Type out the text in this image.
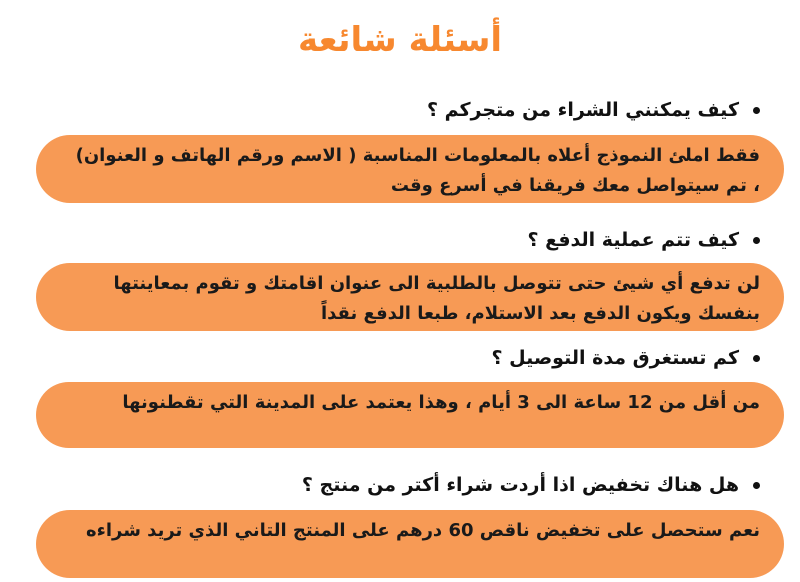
أسئلة شائعة
كيف يمكنني الشراء من متجركم ؟
فقط املئ النموذج أعلاه بالمعلومات المناسبة ( الاسم ورقم الهاتف و العنوان) ، تم سيتواصل معك فريقنا في أسرع وقت
كيف تتم عملية الدفع ؟
لن تدفع أي شيئ حتى تتوصل بالطلبية الى عنوان اقامتك و تقوم بمعاينتها بنفسك ويكون الدفع بعد الاستلام، طبعا الدفع نقداً
كم تستغرق مدة التوصيل ؟
من أقل من 12 ساعة الى 3 أيام ، وهذا يعتمد على المدينة التي تقطنونها
هل هناك تخفيض اذا أردت شراء أكتر من منتج ؟
نعم ستحصل على تخفيض ناقص 60 درهم على المنتج التاني الذي تريد شراءه
